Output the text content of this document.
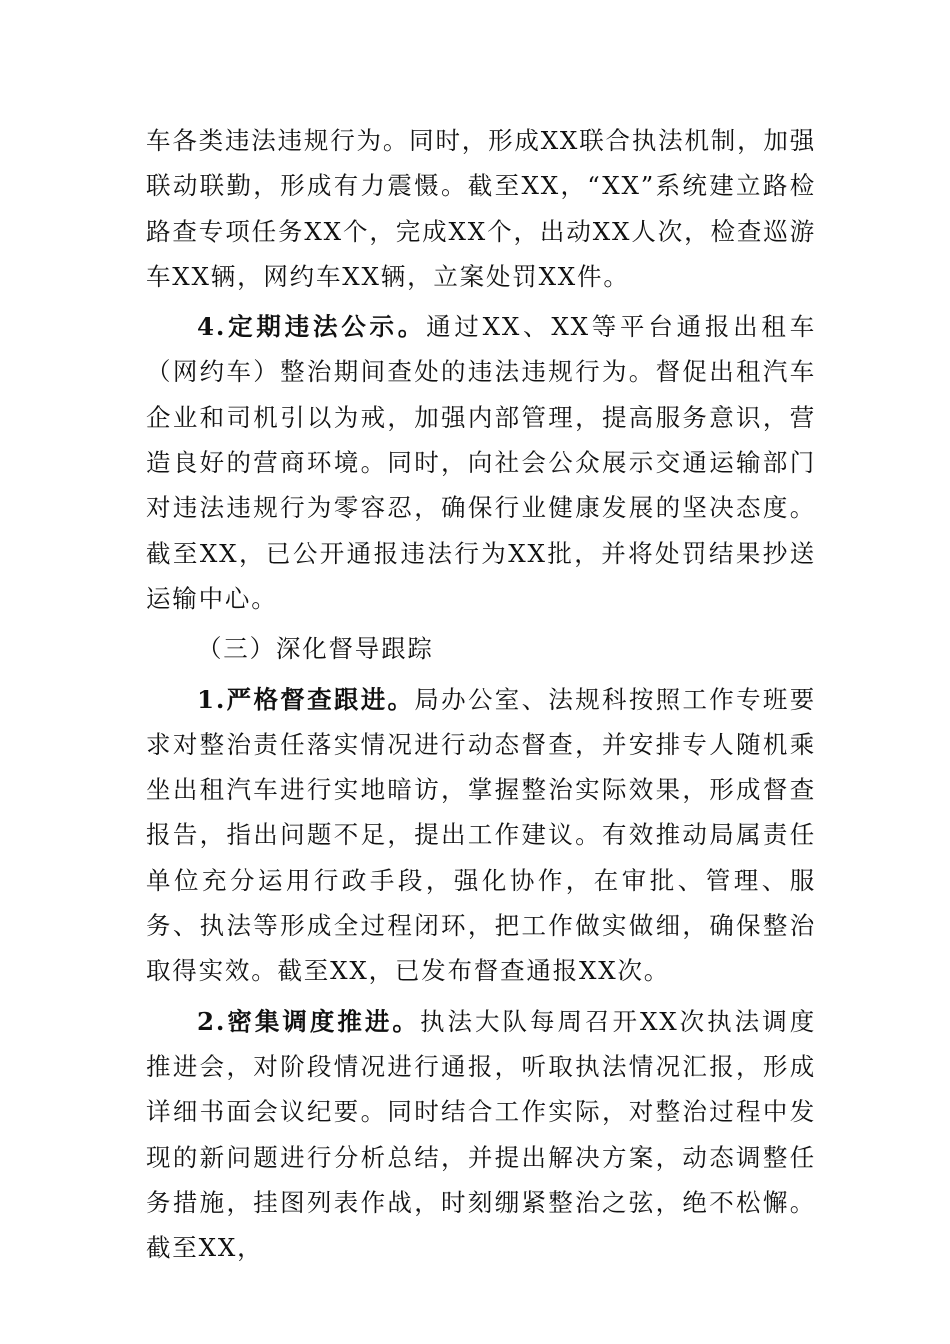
车各类违法违规行为。同时，形成XX联合执法机制，加强联动联勤，形成有力震慑。截至XX，“XX”系统建立路检路查专项任务XX个，完成XX个，出动XX人次，检查巡游车XX辆，网约车XX辆，立案处罚XX件。

4.定期违法公示。通过XX、XX等平台通报出租车（网约车）整治期间查处的违法违规行为。督促出租汽车企业和司机引以为戒，加强内部管理，提高服务意识，营造良好的营商环境。同时，向社会公众展示交通运输部门对违法违规行为零容忍，确保行业健康发展的坚决态度。截至XX，已公开通报违法行为XX批，并将处罚结果抄送运输中心。

（三）深化督导跟踪

1.严格督查跟进。局办公室、法规科按照工作专班要求对整治责任落实情况进行动态督查，并安排专人随机乘坐出租汽车进行实地暗访，掌握整治实际效果，形成督查报告，指出问题不足，提出工作建议。有效推动局属责任单位充分运用行政手段，强化协作，在审批、管理、服务、执法等形成全过程闭环，把工作做实做细，确保整治取得实效。截至XX，已发布督查通报XX次。

2.密集调度推进。执法大队每周召开XX次执法调度推进会，对阶段情况进行通报，听取执法情况汇报，形成详细书面会议纪要。同时结合工作实际，对整治过程中发现的新问题进行分析总结，并提出解决方案，动态调整任务措施，挂图列表作战，时刻绷紧整治之弦，绝不松懈。截至XX，
